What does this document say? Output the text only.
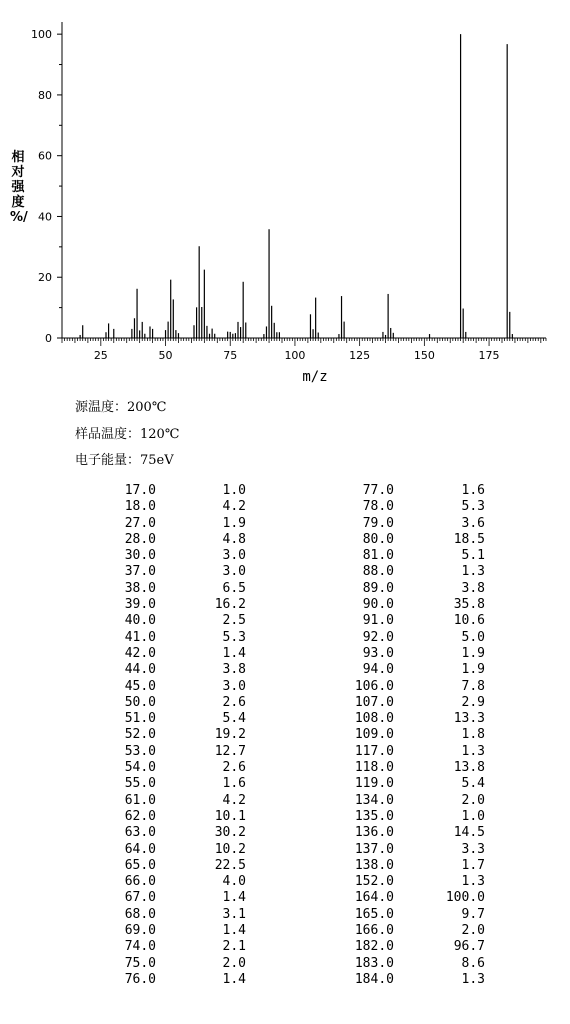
0
20
40
60
80
100
25	50	75	100	125	150	175
m/z
相
对
强
度
%/
源温度：200℃
样品温度：120℃
电子能量：75eV
17.0	1.0	77.0	1.6
18.0	4.2	78.0	5.3
27.0	1.9	79.0	3.6
28.0	4.8	80.0	18.5
30.0	3.0	81.0	5.1
37.0	3.0	88.0	1.3
38.0	6.5	89.0	3.8
39.0	16.2	90.0	35.8
40.0	2.5	91.0	10.6
41.0	5.3	92.0	5.0
42.0	1.4	93.0	1.9
44.0	3.8	94.0	1.9
45.0	3.0	106.0	7.8
50.0	2.6	107.0	2.9
51.0	5.4	108.0	13.3
52.0	19.2	109.0	1.8
53.0	12.7	117.0	1.3
54.0	2.6	118.0	13.8
55.0	1.6	119.0	5.4
61.0	4.2	134.0	2.0
62.0	10.1	135.0	1.0
63.0	30.2	136.0	14.5
64.0	10.2	137.0	3.3
65.0	22.5	138.0	1.7
66.0	4.0	152.0	1.3
67.0	1.4	164.0	100.0
68.0	3.1	165.0	9.7
69.0	1.4	166.0	2.0
74.0	2.1	182.0	96.7
75.0	2.0	183.0	8.6
76.0	1.4	184.0	1.3
